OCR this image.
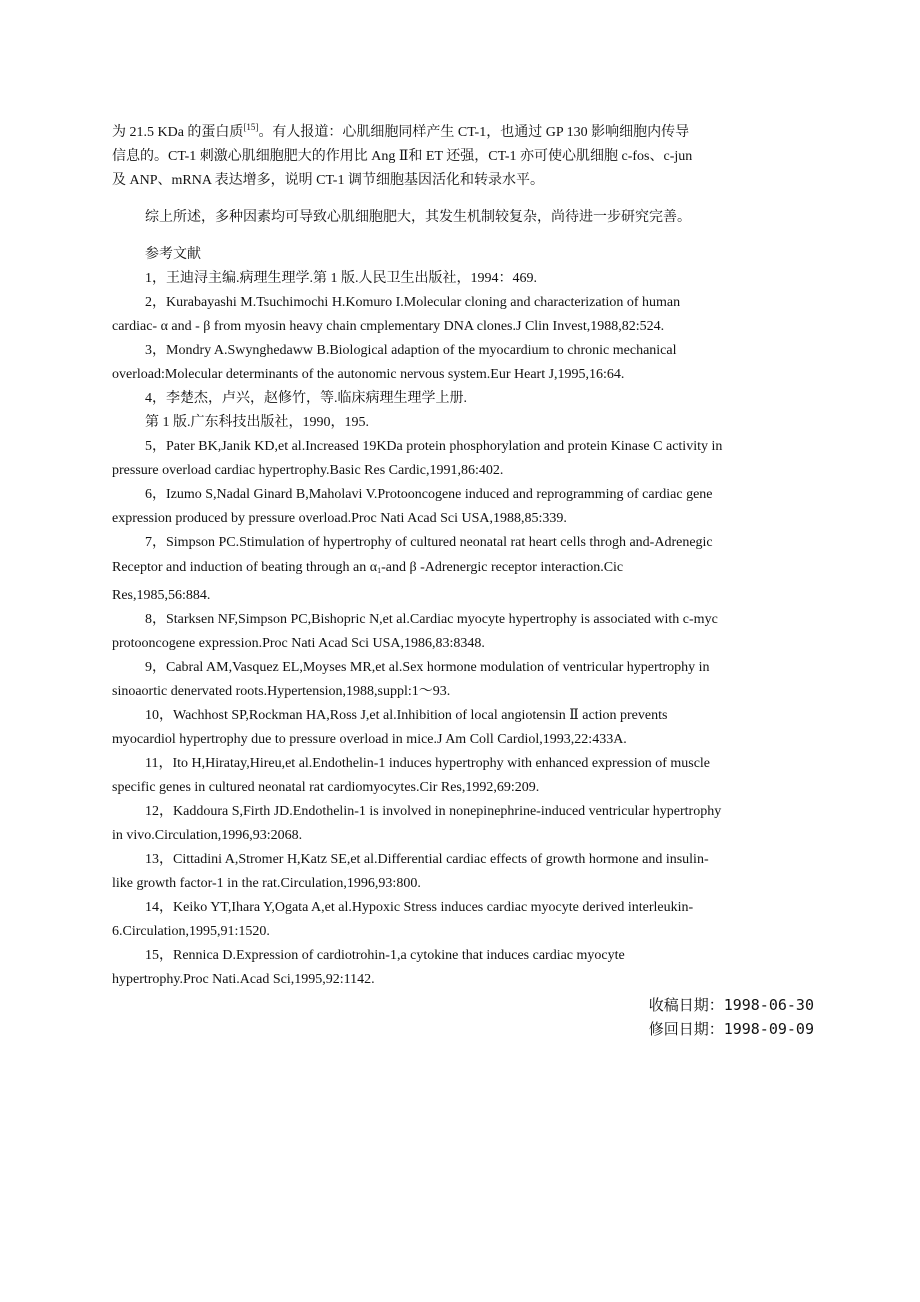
为 21.5 KDa 的蛋白质[15]。有人报道：心肌细胞同样产生 CT-1，也通过 GP 130 影响细胞内传导
信息的。CT-1 刺激心肌细胞肥大的作用比 Ang Ⅱ和 ET 还强，CT-1 亦可使心肌细胞 c-fos、c-jun
及 ANP、mRNA 表达增多，说明 CT-1 调节细胞基因活化和转录水平。
综上所述，多种因素均可导致心肌细胞肥大，其发生机制较复杂，尚待进一步研究完善。
参考文献
1，王迪浔主编.病理生理学.第 1 版.人民卫生出版社，1994：469.
2，Kurabayashi M.Tsuchimochi H.Komuro I.Molecular cloning and characterization of human
cardiac- α and - β from myosin heavy chain cmplementary DNA clones.J Clin Invest,1988,82:524.
3，Mondry A.Swynghedaww B.Biological adaption of the myocardium to chronic mechanical
overload:Molecular determinants of the autonomic nervous system.Eur Heart J,1995,16:64.
4，李楚杰，卢兴，赵修竹，等.临床病理生理学上册.
第 1 版.广东科技出版社，1990，195.
5，Pater BK,Janik KD,et al.Increased 19KDa protein phosphorylation and protein Kinase C activity in
pressure overload cardiac hypertrophy.Basic Res Cardic,1991,86:402.
6，Izumo S,Nadal Ginard B,Maholavi V.Protooncogene induced and reprogramming of cardiac gene
expression produced by pressure overload.Proc Nati Acad Sci USA,1988,85:339.
7，Simpson PC.Stimulation of hypertrophy of cultured neonatal rat heart cells throgh and-Adrenegic
Receptor and induction of beating through an $\alpha_1$-and β -Adrenergic receptor interaction.Cic
Res,1985,56:884.
8，Starksen NF,Simpson PC,Bishopric N,et al.Cardiac myocyte hypertrophy is associated with c-myc
protooncogene expression.Proc Nati Acad Sci USA,1986,83:8348.
9，Cabral AM,Vasquez EL,Moyses MR,et al.Sex hormone modulation of ventricular hypertrophy in
sinoaortic denervated roots.Hypertension,1988,suppl:1～93.
10，Wachhost SP,Rockman HA,Ross J,et al.Inhibition of local angiotensin Ⅱ action prevents
myocardiol hypertrophy due to pressure overload in mice.J Am Coll Cardiol,1993,22:433A.
11，Ito H,Hiratay,Hireu,et al.Endothelin-1 induces hypertrophy with enhanced expression of muscle
specific genes in cultured neonatal rat cardiomyocytes.Cir Res,1992,69:209.
12，Kaddoura S,Firth JD.Endothelin-1 is involved in nonepinephrine-induced ventricular hypertrophy
in vivo.Circulation,1996,93:2068.
13，Cittadini A,Stromer H,Katz SE,et al.Differential cardiac effects of growth hormone and insulin-
like growth factor-1 in the rat.Circulation,1996,93:800.
14，Keiko YT,Ihara Y,Ogata A,et al.Hypoxic Stress induces cardiac myocyte derived interleukin-
6.Circulation,1995,91:1520.
15，Rennica D.Expression of cardiotrohin-1,a cytokine that induces cardiac myocyte
hypertrophy.Proc Nati.Acad Sci,1995,92:1142.
收稿日期：1998-06-30
修回日期：1998-09-09
